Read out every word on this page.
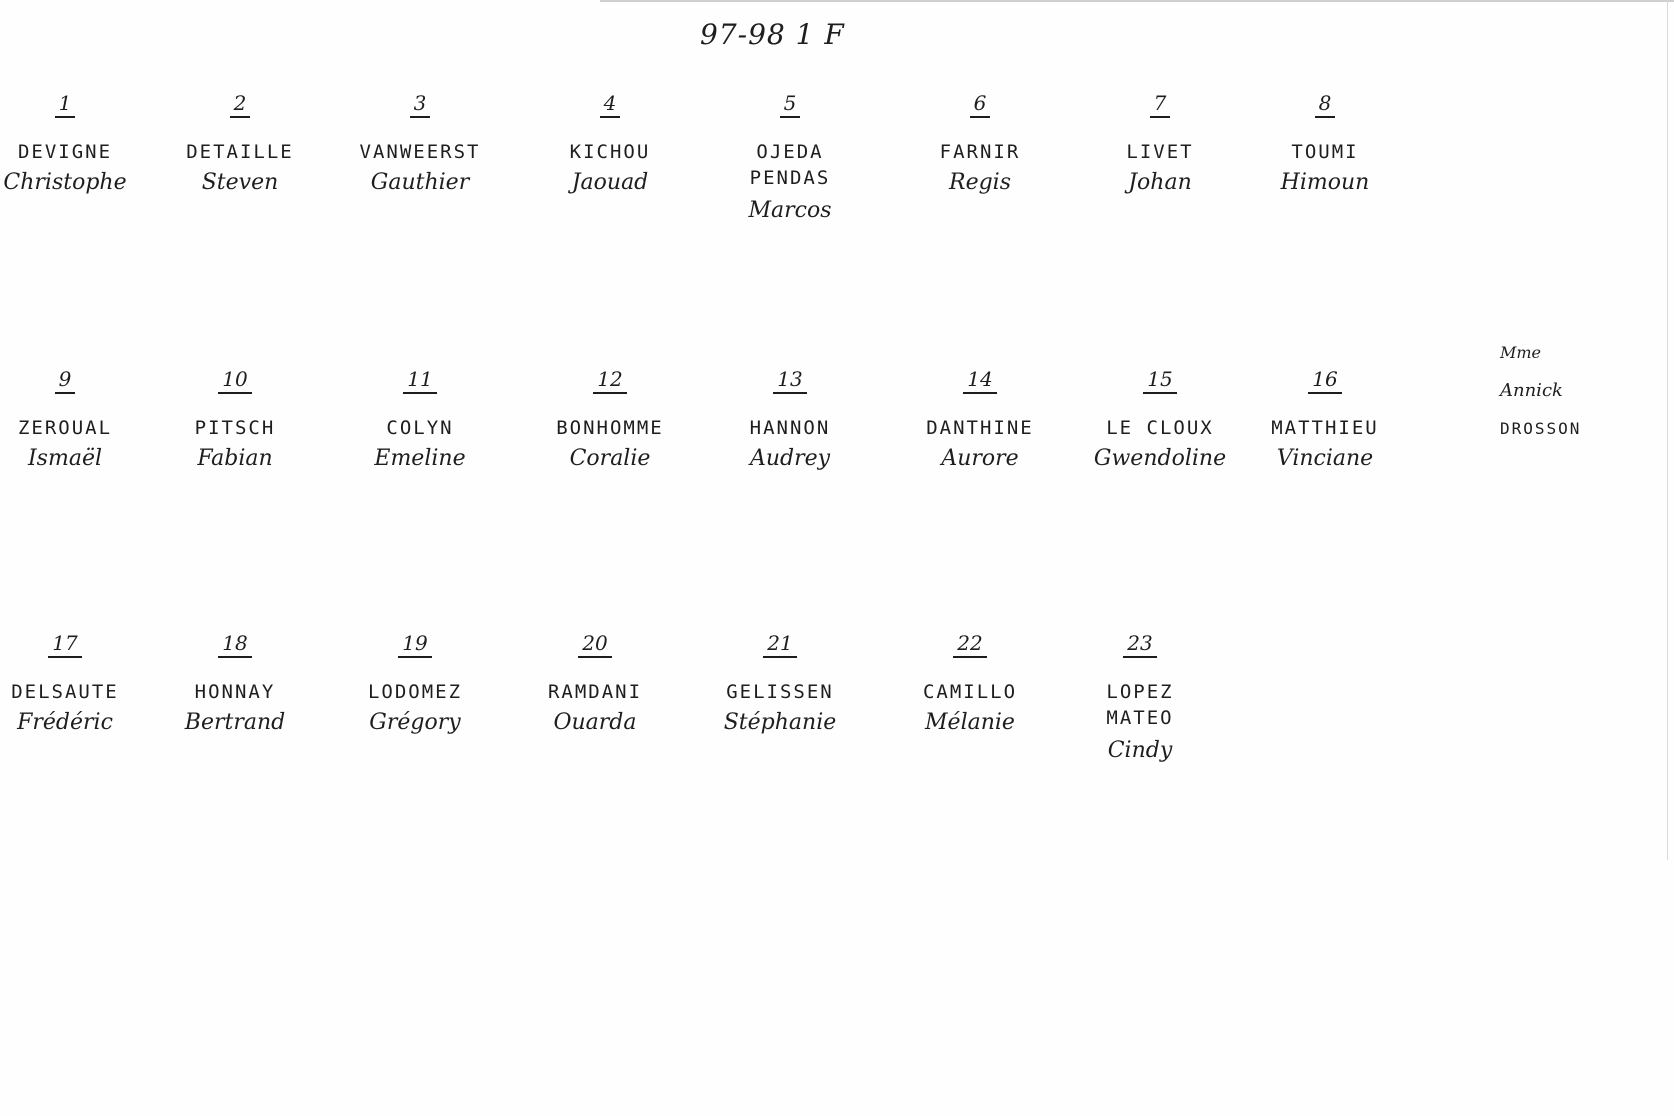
97-98 1 F
1
DEVIGNE
Christophe
2
DETAILLE
Steven
3
VANWEERST
Gauthier
4
KICHOU
Jaouad
5
OJEDA
PENDAS
Marcos
6
FARNIR
Regis
7
LIVET
Johan
8
TOUMI
Himoun
9
ZEROUAL
Ismaël
10
PITSCH
Fabian
11
COLYN
Emeline
12
BONHOMME
Coralie
13
HANNON
Audrey
14
DANTHINE
Aurore
15
LE CLOUX
Gwendoline
16
MATTHIEU
Vinciane
17
DELSAUTE
Frédéric
18
HONNAY
Bertrand
19
LODOMEZ
Grégory
20
RAMDANI
Ouarda
21
GELISSEN
Stéphanie
22
CAMILLO
Mélanie
23
LOPEZ
MATEO
Cindy
Mme
Annick
DROSSON
